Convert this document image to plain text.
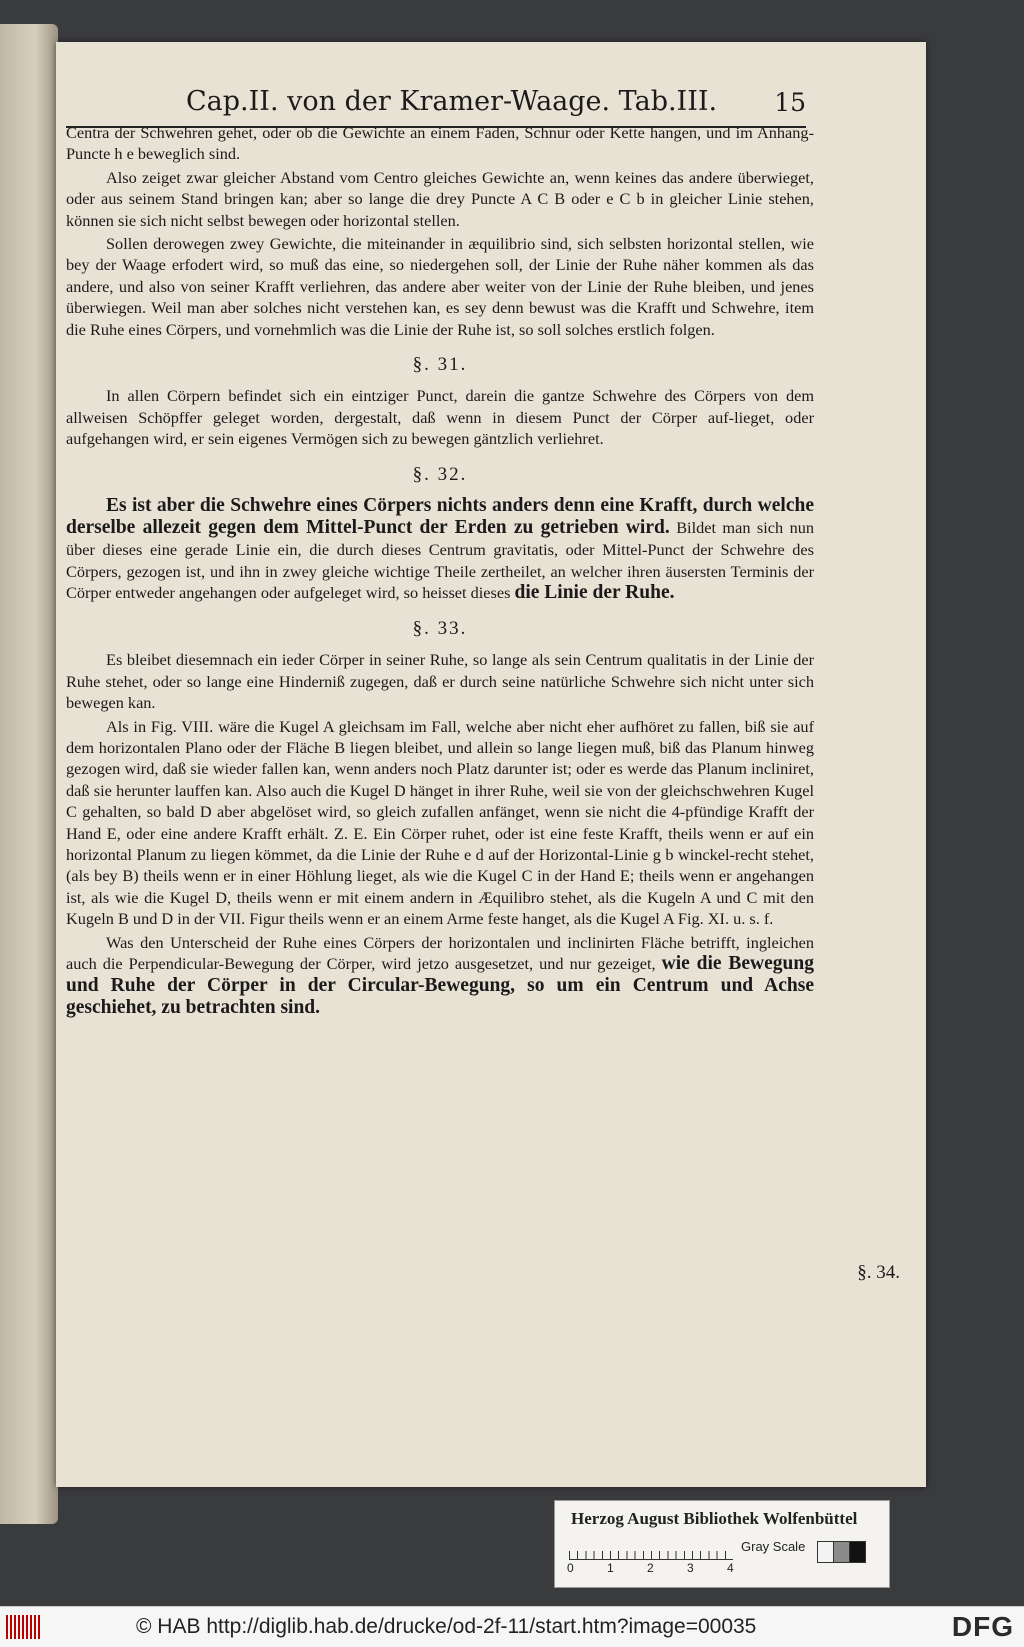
Cap.II. von der Kramer-Waage. Tab.III. 15

Centra der Schwehren gehet, oder ob die Gewichte an einem Faden, Schnur oder Kette hangen, und im Anhang-Puncte h e beweglich sind.

Also zeiget zwar gleicher Abstand vom Centro gleiches Gewichte an, wenn keines das andere überwieget, oder aus seinem Stand bringen kan; aber so lange die drey Puncte A C B oder e C b in gleicher Linie stehen, können sie sich nicht selbst bewegen oder horizontal stellen.

Sollen derowegen zwey Gewichte, die miteinander in æquilibrio sind, sich selbsten horizontal stellen, wie bey der Waage erfodert wird, so muß das eine, so niedergehen soll, der Linie der Ruhe näher kommen als das andere, und also von seiner Krafft verliehren, das andere aber weiter von der Linie der Ruhe bleiben, und jenes überwiegen. Weil man aber solches nicht verstehen kan, es sey denn bewust was die Krafft und Schwehre, item die Ruhe eines Cörpers, und vornehmlich was die Linie der Ruhe ist, so soll solches erstlich folgen.

§. 31.

In allen Cörpern befindet sich ein eintziger Punct, darein die gantze Schwehre des Cörpers von dem allweisen Schöpffer geleget worden, dergestalt, daß wenn in diesem Punct der Cörper auf-lieget, oder aufgehangen wird, er sein eigenes Vermögen sich zu bewegen gäntzlich verliehret.

§. 32.

Es ist aber die Schwehre eines Cörpers nichts anders denn eine Krafft, durch welche derselbe allezeit gegen dem Mittel-Punct der Erden zu getrieben wird. Bildet man sich nun über dieses eine gerade Linie ein, die durch dieses Centrum gravitatis, oder Mittel-Punct der Schwehre des Cörpers, gezogen ist, und ihn in zwey gleiche wichtige Theile zertheilet, an welcher ihren äusersten Terminis der Cörper entweder angehangen oder aufgeleget wird, so heisset dieses die Linie der Ruhe.

§. 33.

Es bleibet diesemnach ein ieder Cörper in seiner Ruhe, so lange als sein Centrum qualitatis in der Linie der Ruhe stehet, oder so lange eine Hinderniß zugegen, daß er durch seine natürliche Schwehre sich nicht unter sich bewegen kan.

Als in Fig. VIII. wäre die Kugel A gleichsam im Fall, welche aber nicht eher aufhöret zu fallen, biß sie auf dem horizontalen Plano oder der Fläche B liegen bleibet, und allein so lange liegen muß, biß das Planum hinweg gezogen wird, daß sie wieder fallen kan, wenn anders noch Platz darunter ist; oder es werde das Planum incliniret, daß sie herunter lauffen kan. Also auch die Kugel D hänget in ihrer Ruhe, weil sie von der gleichschwehren Kugel C gehalten, so bald D aber abgelöset wird, so gleich zufallen anfänget, wenn sie nicht die 4-pfündige Krafft der Hand E, oder eine andere Krafft erhält. Z. E. Ein Cörper ruhet, oder ist eine feste Krafft, theils wenn er auf ein horizontal Planum zu liegen kömmet, da die Linie der Ruhe e d auf der Horizontal-Linie g b winckel-recht stehet, (als bey B) theils wenn er in einer Höhlung lieget, als wie die Kugel C in der Hand E; theils wenn er angehangen ist, als wie die Kugel D, theils wenn er mit einem andern in Æquilibro stehet, als die Kugeln A und C mit den Kugeln B und D in der VII. Figur theils wenn er an einem Arme feste hanget, als die Kugel A Fig. XI. u. s. f.

Was den Unterscheid der Ruhe eines Cörpers der horizontalen und inclinirten Fläche betrifft, ingleichen auch die Perpendicular-Bewegung der Cörper, wird jetzo ausgesetzet, und nur gezeiget, wie die Bewegung und Ruhe der Cörper in der Circular-Bewegung, so um ein Centrum und Achse geschiehet, zu betrachten sind.

§. 34.
Herzog August Bibliothek Wolfenbüttel
0	1	2	3	4
Gray Scale
© HAB http://diglib.hab.de/drucke/od-2f-11/start.htm?image=00035	DFG
